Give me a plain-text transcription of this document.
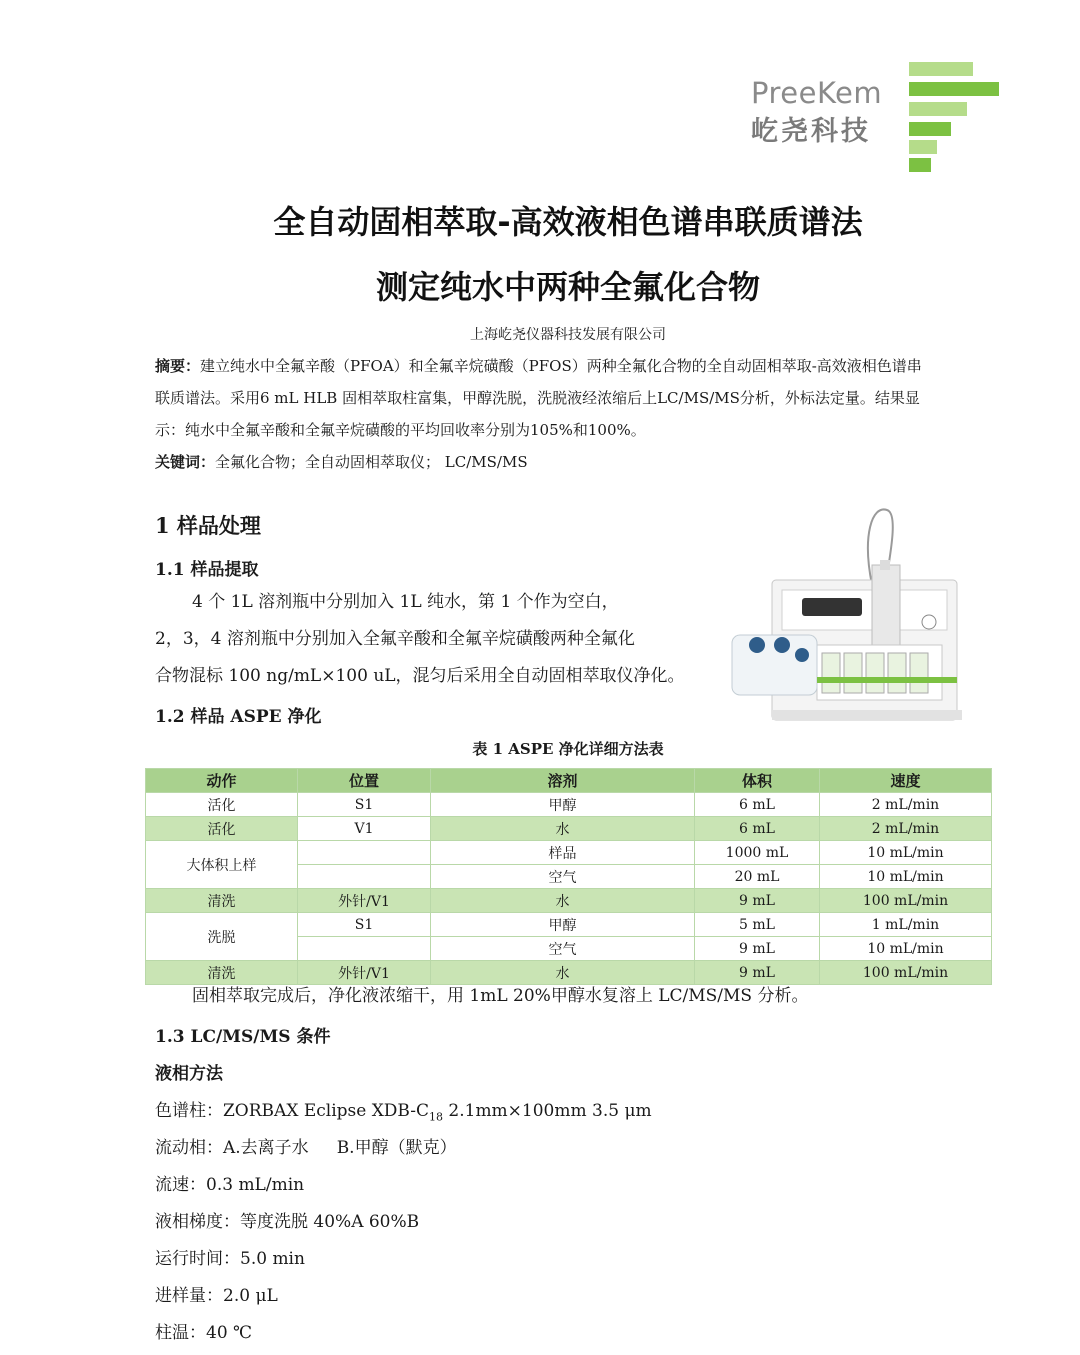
PreeKem
屹尧科技
全自动固相萃取-高效液相色谱串联质谱法
测定纯水中两种全氟化合物
上海屹尧仪器科技发展有限公司
摘要：建立纯水中全氟辛酸（PFOA）和全氟辛烷磺酸（PFOS）两种全氟化合物的全自动固相萃取-高效液相色谱串
联质谱法。采用6 mL HLB 固相萃取柱富集，甲醇洗脱，洗脱液经浓缩后上LC/MS/MS分析，外标法定量。结果显
示：纯水中全氟辛酸和全氟辛烷磺酸的平均回收率分别为105%和100%。
关键词：全氟化合物；全自动固相萃取仪； LC/MS/MS
1 样品处理
1.1 样品提取
4 个 1L 溶剂瓶中分别加入 1L 纯水，第 1 个作为空白，
2，3，4 溶剂瓶中分别加入全氟辛酸和全氟辛烷磺酸两种全氟化
合物混标 100 ng/mL×100 uL，混匀后采用全自动固相萃取仪净化。
1.2 样品 ASPE 净化
表 1 ASPE 净化详细方法表
动作	位置	溶剂	体积	速度
活化	S1	甲醇	6 mL	2 mL/min
活化	V1	水	6 mL	2 mL/min
大体积上样		样品	1000 mL	10 mL/min
		空气	20 mL	10 mL/min
清洗	外针/V1	水	9 mL	100 mL/min
洗脱	S1	甲醇	5 mL	1 mL/min
		空气	9 mL	10 mL/min
清洗	外针/V1	水	9 mL	100 mL/min
固相萃取完成后，净化液浓缩干，用 1mL 20%甲醇水复溶上 LC/MS/MS 分析。
1.3 LC/MS/MS 条件
液相方法
色谱柱：ZORBAX Eclipse XDB-$C_{18}$ 2.1mm×100mm 3.5 μm
流动相：A.去离子水 B.甲醇（默克）
流速：0.3 mL/min
液相梯度：等度洗脱 40%A 60%B
运行时间：5.0 min
进样量：2.0 μL
柱温：40 ℃
